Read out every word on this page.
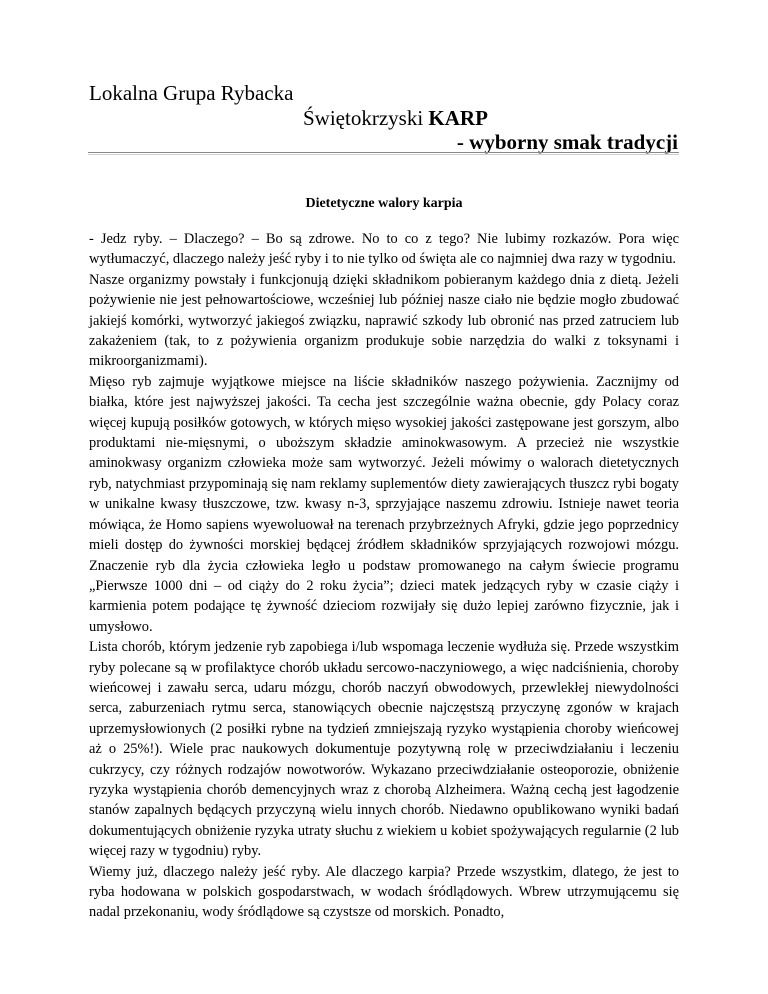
Lokalna Grupa Rybacka
Świętokrzyski KARP
- wyborny smak tradycji
Dietetyczne walory karpia

- Jedz ryby. – Dlaczego? – Bo są zdrowe. No to co z tego? Nie lubimy rozkazów. Pora więc wytłumaczyć, dlaczego należy jeść ryby i to nie tylko od święta ale co najmniej dwa razy w tygodniu.

Nasze organizmy powstały i funkcjonują dzięki składnikom pobieranym każdego dnia z dietą. Jeżeli pożywienie nie jest pełnowartościowe, wcześniej lub później nasze ciało nie będzie mogło zbudować jakiejś komórki, wytworzyć jakiegoś związku, naprawić szkody lub obronić nas przed zatruciem lub zakażeniem (tak, to z pożywienia organizm produkuje sobie narzędzia do walki z toksynami i mikroorganizmami).

Mięso ryb zajmuje wyjątkowe miejsce na liście składników naszego pożywienia. Zacznijmy od białka, które jest najwyższej jakości. Ta cecha jest szczególnie ważna obecnie, gdy Polacy coraz więcej kupują posiłków gotowych, w których mięso wysokiej jakości zastępowane jest gorszym, albo produktami nie-mięsnymi, o uboższym składzie aminokwasowym. A przecież nie wszystkie aminokwasy organizm człowieka może sam wytworzyć. Jeżeli mówimy o walorach dietetycznych ryb, natychmiast przypominają się nam reklamy suplementów diety zawierających tłuszcz rybi bogaty w unikalne kwasy tłuszczowe, tzw. kwasy n-3, sprzyjające naszemu zdrowiu. Istnieje nawet teoria mówiąca, że Homo sapiens wyewoluował na terenach przybrzeżnych Afryki, gdzie jego poprzednicy mieli dostęp do żywności morskiej będącej źródłem składników sprzyjających rozwojowi mózgu. Znaczenie ryb dla życia człowieka legło u podstaw promowanego na całym świecie programu „Pierwsze 1000 dni – od ciąży do 2 roku życia”; dzieci matek jedzących ryby w czasie ciąży i karmienia potem podające tę żywność dzieciom rozwijały się dużo lepiej zarówno fizycznie, jak i umysłowo.

Lista chorób, którym jedzenie ryb zapobiega i/lub wspomaga leczenie wydłuża się. Przede wszystkim ryby polecane są w profilaktyce chorób układu sercowo-naczyniowego, a więc nadciśnienia, choroby wieńcowej i zawału serca, udaru mózgu, chorób naczyń obwodowych, przewlekłej niewydolności serca, zaburzeniach rytmu serca, stanowiących obecnie najczęstszą przyczynę zgonów w krajach uprzemysłowionych (2 posiłki rybne na tydzień zmniejszają ryzyko wystąpienia choroby wieńcowej aż o 25%!). Wiele prac naukowych dokumentuje pozytywną rolę w przeciwdziałaniu i leczeniu cukrzycy, czy różnych rodzajów nowotworów. Wykazano przeciwdziałanie osteoporozie, obniżenie ryzyka wystąpienia chorób demencyjnych wraz z chorobą Alzheimera. Ważną cechą jest łagodzenie stanów zapalnych będących przyczyną wielu innych chorób. Niedawno opublikowano wyniki badań dokumentujących obniżenie ryzyka utraty słuchu z wiekiem u kobiet spożywających regularnie (2 lub więcej razy w tygodniu) ryby.

Wiemy już, dlaczego należy jeść ryby. Ale dlaczego karpia? Przede wszystkim, dlatego, że jest to ryba hodowana w polskich gospodarstwach, w wodach śródlądowych. Wbrew utrzymującemu się nadal przekonaniu, wody śródlądowe są czystsze od morskich. Ponadto,
